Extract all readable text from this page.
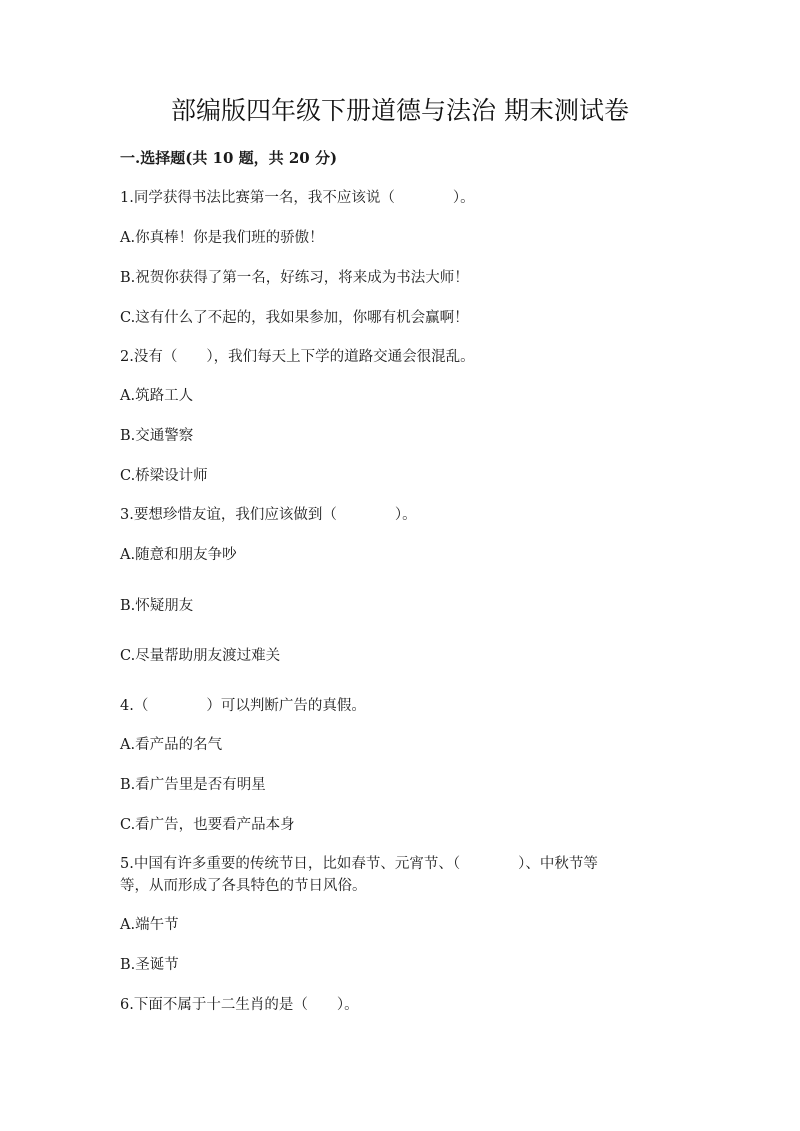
部编版四年级下册道德与法治 期末测试卷
一.选择题(共 10 题，共 20 分)
1.同学获得书法比赛第一名，我不应该说（　　　　）。
A.你真棒！你是我们班的骄傲！
B.祝贺你获得了第一名，好练习，将来成为书法大师！
C.这有什么了不起的，我如果参加，你哪有机会赢啊！
2.没有（　　），我们每天上下学的道路交通会很混乱。
A.筑路工人
B.交通警察
C.桥梁设计师
3.要想珍惜友谊，我们应该做到（　　　　）。
A.随意和朋友争吵
B.怀疑朋友
C.尽量帮助朋友渡过难关
4.（　　　　）可以判断广告的真假。
A.看产品的名气
B.看广告里是否有明星
C.看广告，也要看产品本身
5.中国有许多重要的传统节日，比如春节、元宵节、（　　　　）、中秋节等
等，从而形成了各具特色的节日风俗。
A.端午节
B.圣诞节
6.下面不属于十二生肖的是（　　）。
